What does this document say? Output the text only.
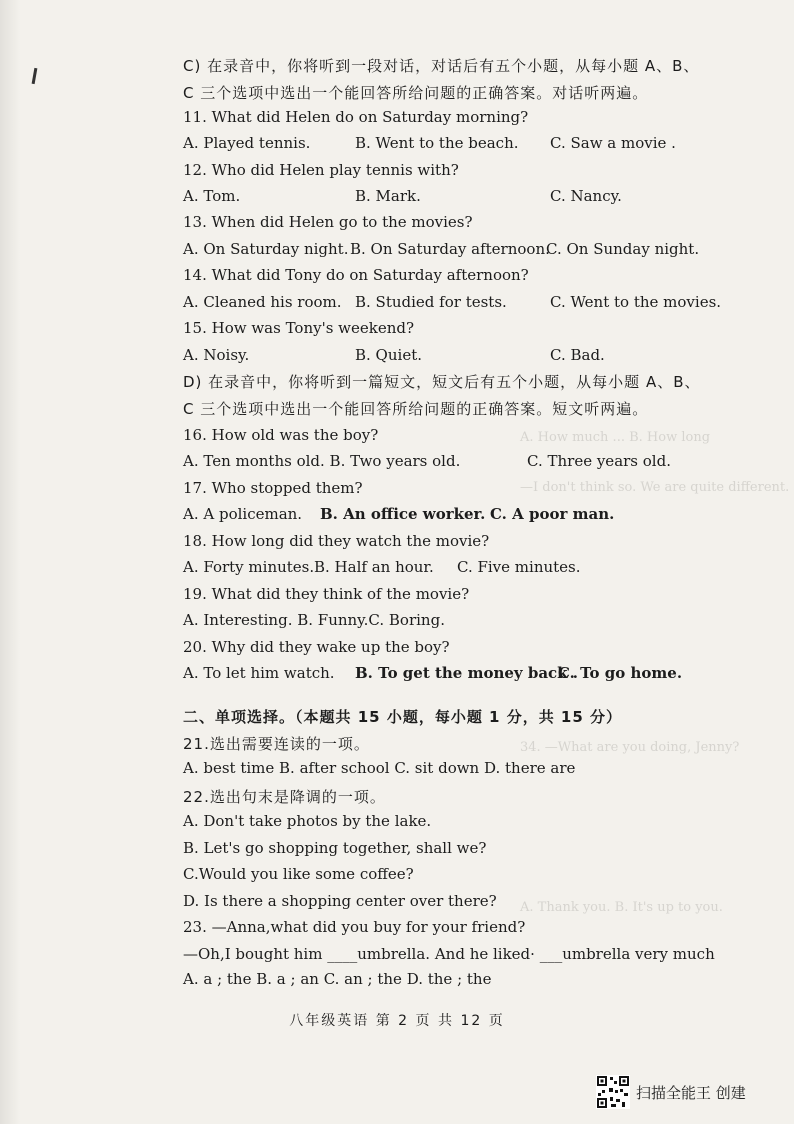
A. How much ... B. How long
—I don't think so. We are quite different.
34. —What are you doing, Jenny?
A. Thank you. B. It's up to you.
C) 在录音中，你将听到一段对话，对话后有五个小题，从每小题 A、B、
C 三个选项中选出一个能回答所给问题的正确答案。对话听两遍。
11. What did Helen do on Saturday morning?
A. Played tennis.	B. Went to the beach. C. Saw a movie .
12. Who did Helen play tennis with?
A. Tom.	B. Mark.	C. Nancy.
13. When did Helen go to the movies?
A. On Saturday night. B. On Saturday afternoon.
C. On Sunday night.
14. What did Tony do on Saturday afternoon?
A. Cleaned his room. B. Studied for tests.	C. Went to the movies.
15. How was Tony's weekend?
A. Noisy.	B. Quiet.	C. Bad.
D) 在录音中，你将听到一篇短文，短文后有五个小题，从每小题 A、B、
C 三个选项中选出一个能回答所给问题的正确答案。短文听两遍。
16. How old was the boy?
A. Ten months old. B. Two years old.	C. Three years old.
17. Who stopped them?
A. A policeman. B. An office worker. C. A poor man.
18. How long did they watch the movie?
A. Forty minutes. B. Half an hour. C. Five minutes.
19. What did they think of the movie?
A. Interesting. B. Funny.C. Boring.
20. Why did they wake up the boy?
A. To let him watch. B. To get the money back .
C. To go home.
二、单项选择。（本题共 15 小题，每小题 1 分，共 15 分）
21.选出需要连读的一项。
A. best time B. after school C. sit down D. there are
22.选出句末是降调的一项。
A. Don't take photos by the lake.
B. Let's go shopping together, shall we?
C.Would you like some coffee?
D. Is there a shopping center over there?
23. —Anna,what did you buy for your friend?
—Oh,I bought him ____umbrella. And he liked· ___umbrella very much
A. a ; the B. a ; an C. an ; the D. the ; the
八年级英语 第 2 页 共 12 页
扫描全能王 创建
